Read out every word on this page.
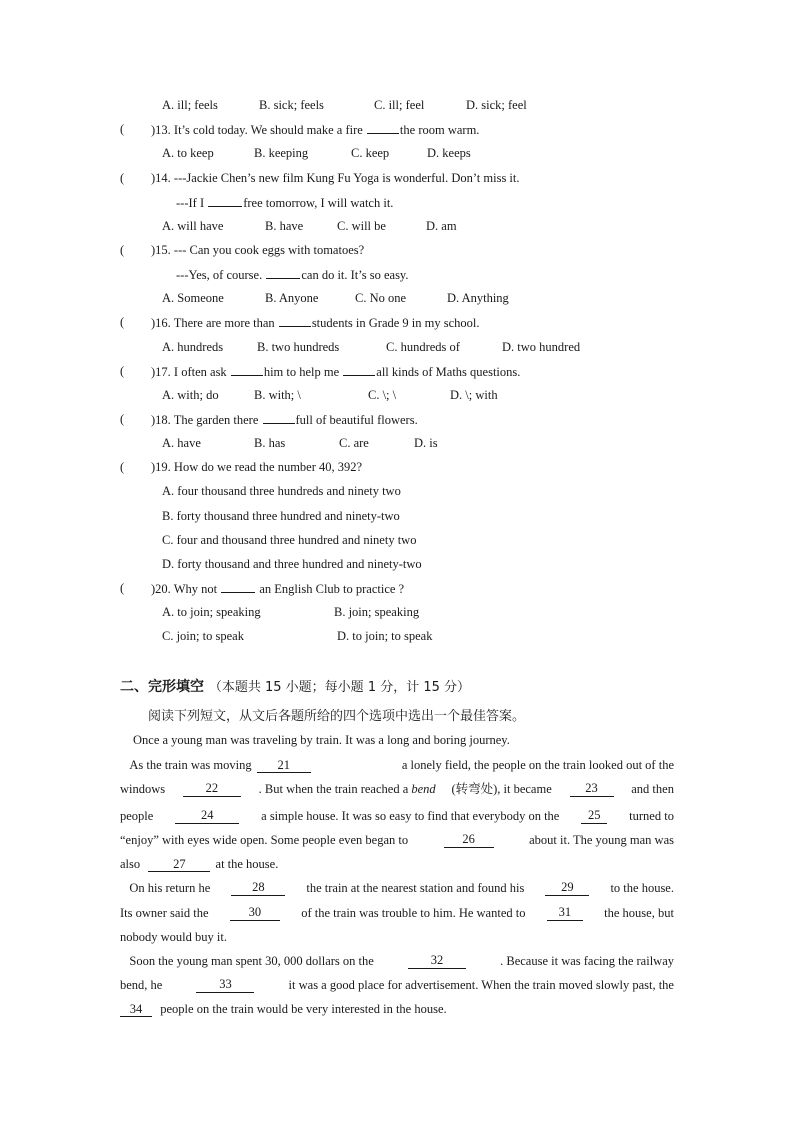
A. ill; feels	B. sick; feels	C. ill; feel	D. sick; feel
( )13. It’s cold today. We should make a fire	the room warm.
A. to keep	B. keeping	C. keep	D. keeps
( )14. ---Jackie Chen’s new film Kung Fu Yoga is wonderful. Don’t miss it.
---If I	free tomorrow, I will watch it.
A. will have	B. have	C. will be	D. am
( )15. --- Can you cook eggs with tomatoes?
---Yes, of course.	can do it. It’s so easy.
A. Someone	B. Anyone	C. No one	D. Anything
( )16. There are more than	students in Grade 9 in my school.
A. hundreds	B. two hundreds	C. hundreds of	D. two hundred
( )17. I often ask	him to help me	all kinds of Maths questions.
A. with; do	B. with; \	C. \; \	D. \; with
( )18. The garden there	full of beautiful flowers.
A. have	B. has	C. are	D. is
( )19. How do we read the number 40, 392?
A. four thousand three hundreds and ninety two
B. forty thousand three hundred and ninety-two
C. four and thousand three hundred and ninety two
D. forty thousand and three hundred and ninety-two
( )20. Why not	an English Club to practice ?
A. to join; speaking	B. join; speaking
C. join; to speak	D. to join; to speak
二、完形填空 （本题共 15 小题；每小题 1 分，计 15 分）
阅读下列短文，从文后各题所给的四个选项中选出一个最佳答案。
Once a young man was traveling by train. It was a long and boring journey.
As the train was moving 21	a lonely field, the people on the train looked out of the
windows	22	. But when the train reached a bend (转弯处), it became	23	and then
people	24	a simple house. It was so easy to find that everybody on the	25	turned to
“enjoy” with eyes wide open. Some people even began to	26	about it. The young man was
also	27 at the house.
On his return he	28	the train at the nearest station and found his	29	to the house.
Its owner said the	30	of the train was trouble to him. He wanted to	31	the house, but
nobody would buy it.
Soon the young man spent 30, 000 dollars on the	32	. Because it was facing the railway
bend, he	33	it was a good place for advertisement. When the train moved slowly past, the
34 people on the train would be very interested in the house.
